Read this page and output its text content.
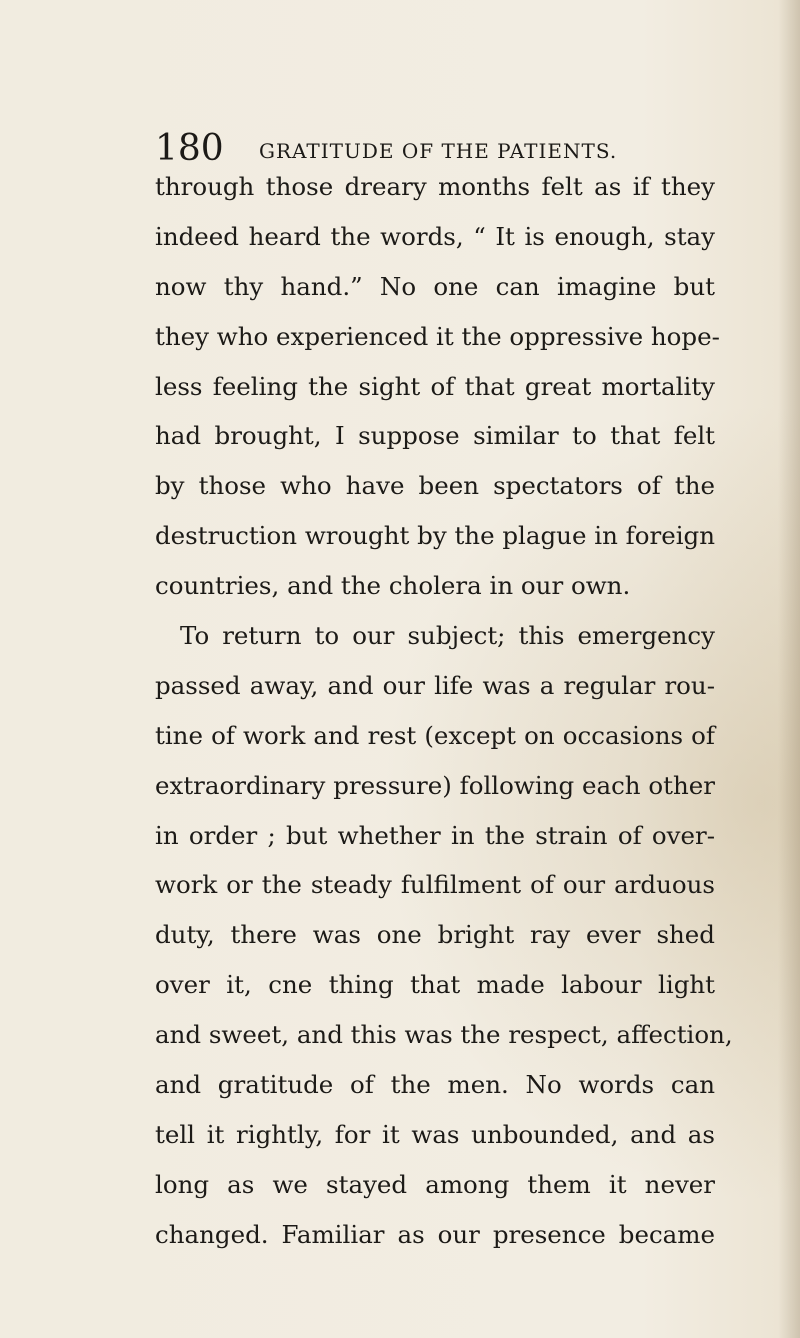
180 GRATITUDE OF THE PATIENTS.
through those dreary months felt as if they
indeed heard the words, “ It is enough, stay
now thy hand.” No one can imagine but
they who experienced it the oppressive hope-
less feeling the sight of that great mortality
had brought, I suppose similar to that felt
by those who have been spectators of the
destruction wrought by the plague in foreign
countries, and the cholera in our own.
To return to our subject; this emergency
passed away, and our life was a regular rou-
tine of work and rest (except on occasions of
extraordinary pressure) following each other
in order ; but whether in the strain of over-
work or the steady fulfilment of our arduous
duty, there was one bright ray ever shed
over it, cne thing that made labour light
and sweet, and this was the respect, affection,
and gratitude of the men. No words can
tell it rightly, for it was unbounded, and as
long as we stayed among them it never
changed. Familiar as our presence became
